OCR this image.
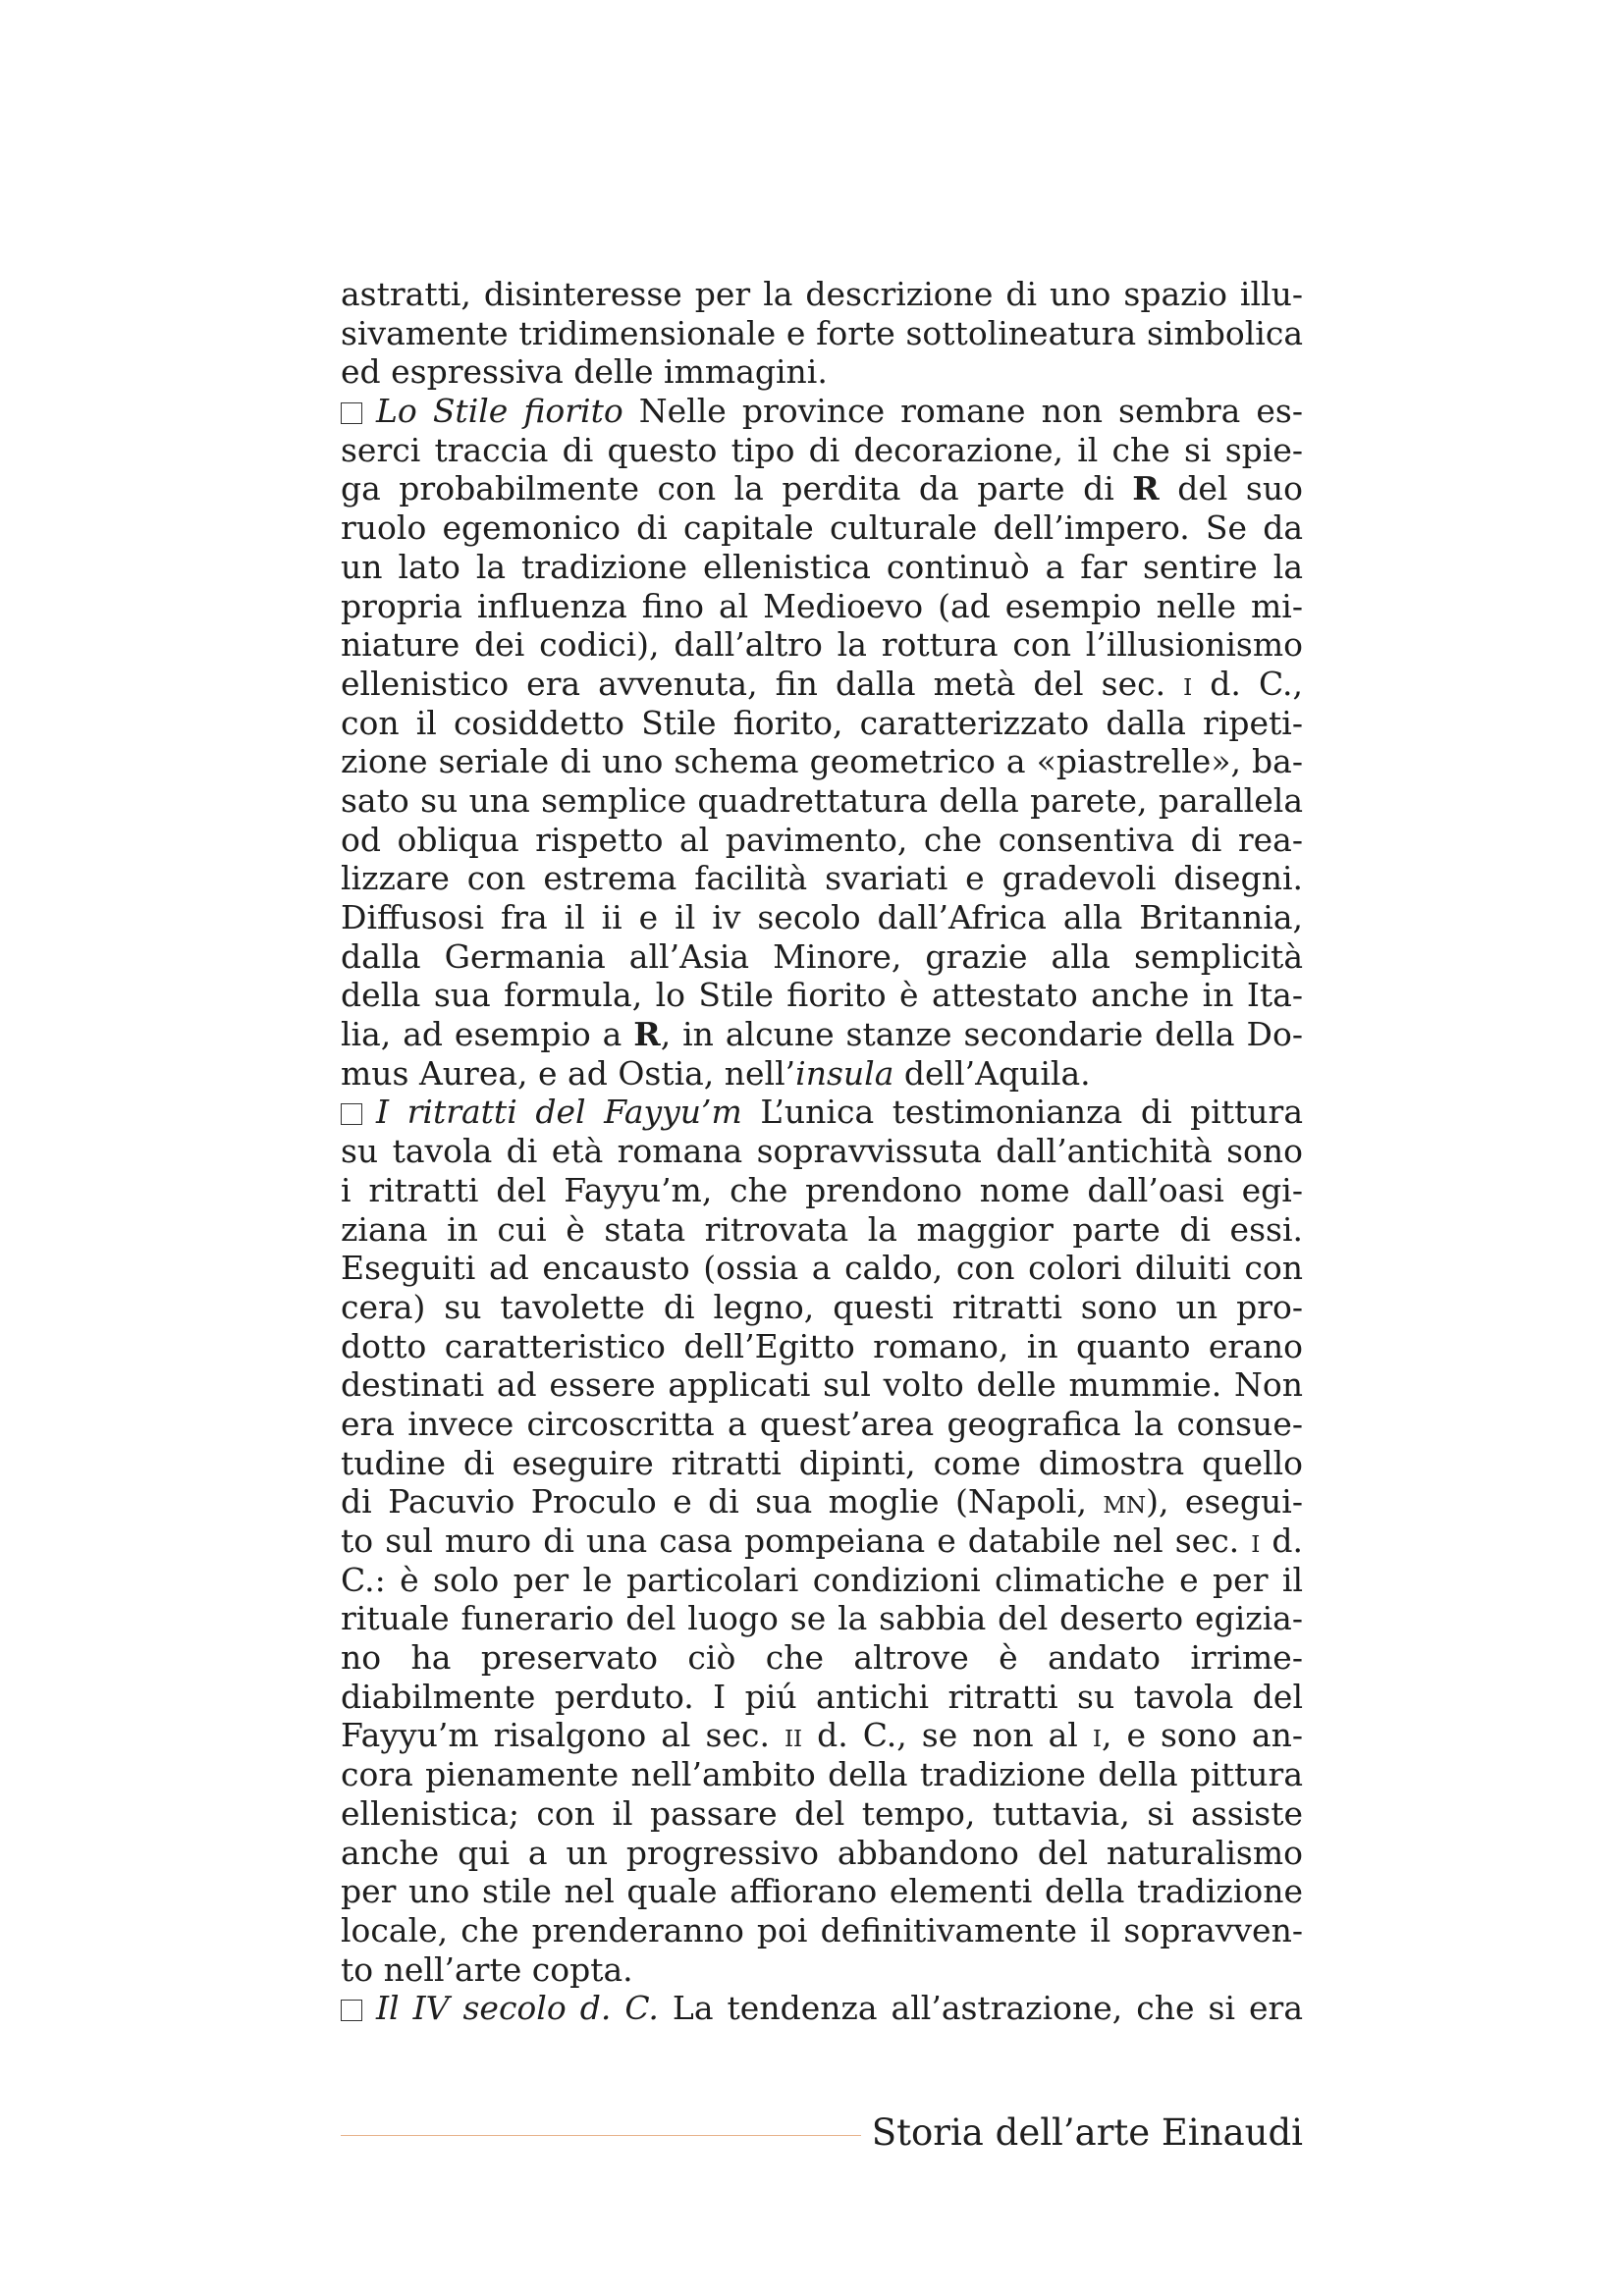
astratti, disinteresse per la descrizione di uno spazio illu-
sivamente tridimensionale e forte sottolineatura simbolica
ed espressiva delle immagini.
Lo Stile fiorito Nelle province romane non sembra es-
serci traccia di questo tipo di decorazione, il che si spie-
ga probabilmente con la perdita da parte di R del suo
ruolo egemonico di capitale culturale dell’impero. Se da
un lato la tradizione ellenistica continuò a far sentire la
propria influenza fino al Medioevo (ad esempio nelle mi-
niature dei codici), dall’altro la rottura con l’illusionismo
ellenistico era avvenuta, fin dalla metà del sec. i d. C.,
con il cosiddetto Stile fiorito, caratterizzato dalla ripeti-
zione seriale di uno schema geometrico a «piastrelle», ba-
sato su una semplice quadrettatura della parete, parallela
od obliqua rispetto al pavimento, che consentiva di rea-
lizzare con estrema facilità svariati e gradevoli disegni.
Diffusosi fra il ii e il iv secolo dall’Africa alla Britannia,
dalla Germania all’Asia Minore, grazie alla semplicità
della sua formula, lo Stile fiorito è attestato anche in Ita-
lia, ad esempio a R, in alcune stanze secondarie della Do-
mus Aurea, e ad Ostia, nell’insula dell’Aquila.
I ritratti del Fayyu’m L’unica testimonianza di pittura
su tavola di età romana sopravvissuta dall’antichità sono
i ritratti del Fayyu’m, che prendono nome dall’oasi egi-
ziana in cui è stata ritrovata la maggior parte di essi.
Eseguiti ad encausto (ossia a caldo, con colori diluiti con
cera) su tavolette di legno, questi ritratti sono un pro-
dotto caratteristico dell’Egitto romano, in quanto erano
destinati ad essere applicati sul volto delle mummie. Non
era invece circoscritta a quest’area geografica la consue-
tudine di eseguire ritratti dipinti, come dimostra quello
di Pacuvio Proculo e di sua moglie (Napoli, mn), esegui-
to sul muro di una casa pompeiana e databile nel sec. i d.
C.: è solo per le particolari condizioni climatiche e per il
rituale funerario del luogo se la sabbia del deserto egizia-
no ha preservato ciò che altrove è andato irrime-
diabilmente perduto. I piú antichi ritratti su tavola del
Fayyu’m risalgono al sec. ii d. C., se non al i, e sono an-
cora pienamente nell’ambito della tradizione della pittura
ellenistica; con il passare del tempo, tuttavia, si assiste
anche qui a un progressivo abbandono del naturalismo
per uno stile nel quale affiorano elementi della tradizione
locale, che prenderanno poi definitivamente il sopravven-
to nell’arte copta.
Il IV secolo d. C. La tendenza all’astrazione, che si era
Storia dell’arte Einaudi
